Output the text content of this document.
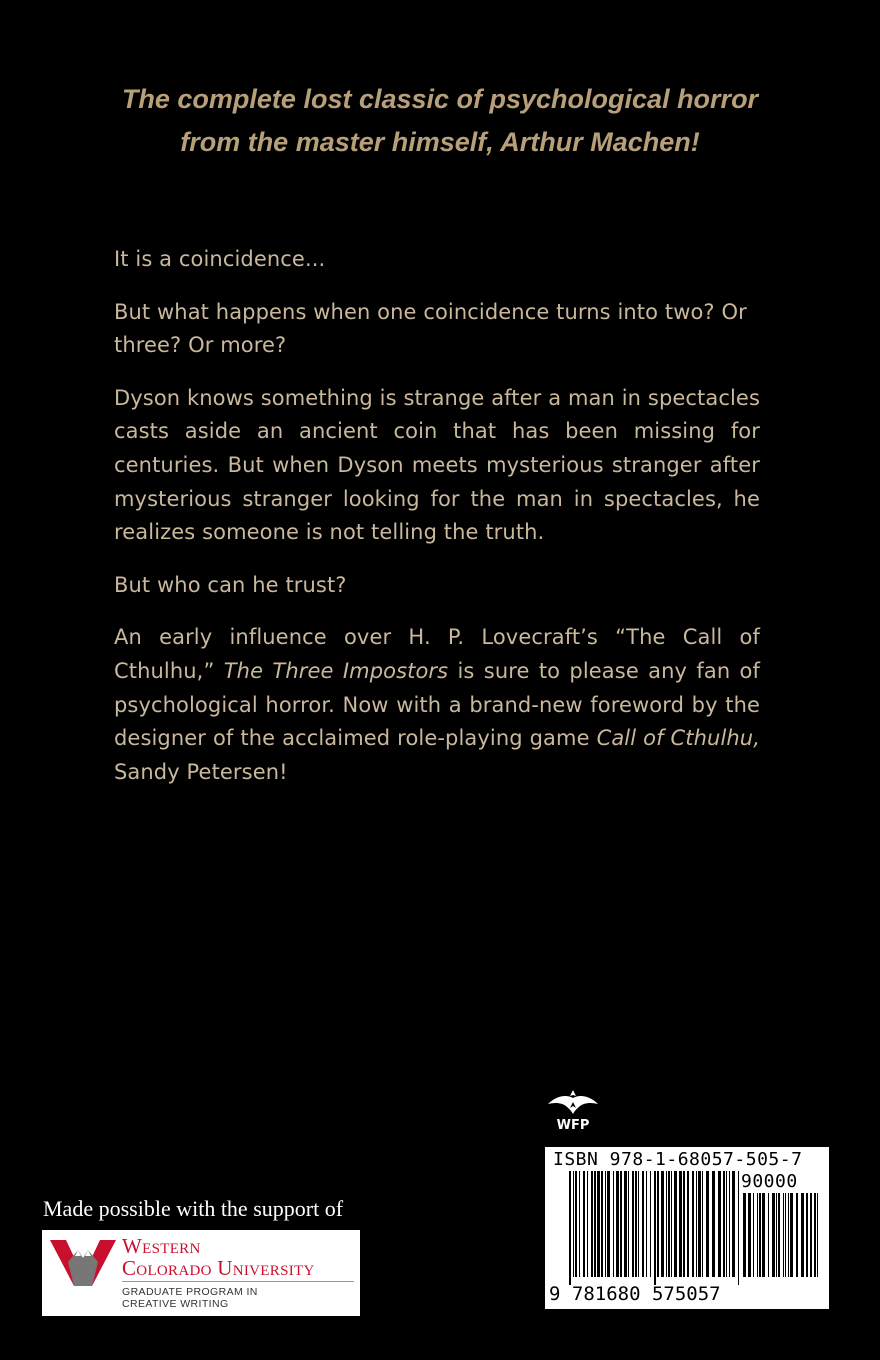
The complete lost classic of psychological horror
from the master himself, Arthur Machen!

It is a coincidence...

But what happens when one coincidence turns into two? Or three? Or more?

Dyson knows something is strange after a man in spectacles casts aside an ancient coin that has been missing for centuries. But when Dyson meets mysterious stranger after mysterious stranger looking for the man in spectacles, he realizes someone is not telling the truth.

But who can he trust?

An early influence over H. P. Lovecraft’s “The Call of Cthulhu,” The Three Impostors is sure to please any fan of psychological horror. Now with a brand-new foreword by the designer of the acclaimed role-playing game Call of Cthulhu, Sandy Petersen!

Made possible with the support of
Western
Colorado University
GRADUATE PROGRAM IN
CREATIVE WRITING
WFP
ISBN 978-1-68057-505-7
90000
9 781680 575057
